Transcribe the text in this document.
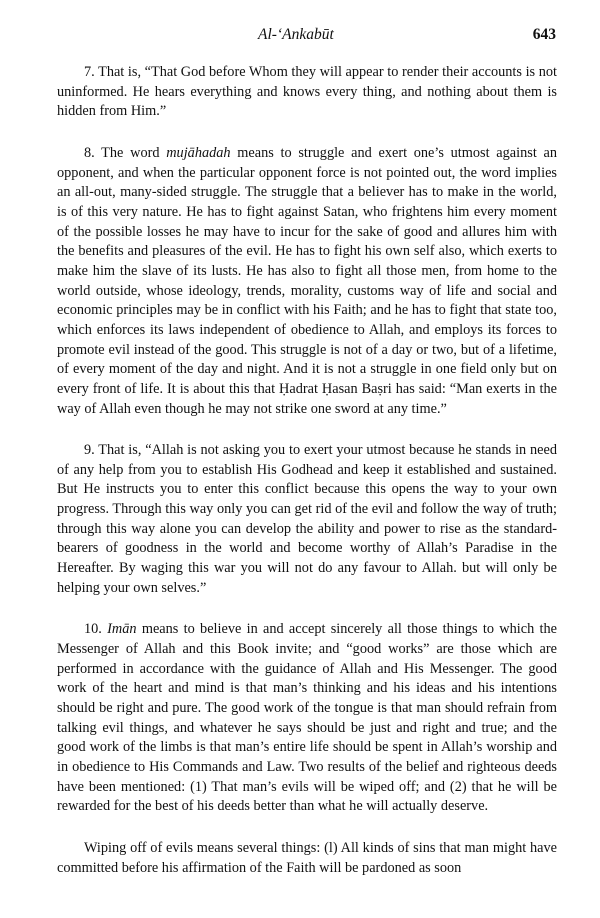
Al-‘Ankabūt	643

7. That is, “That God before Whom they will appear to render their accounts is not uninformed. He hears everything and knows every thing, and nothing about them is hidden from Him.”

8. The word mujāhadah means to struggle and exert one’s utmost against an opponent, and when the particular opponent force is not pointed out, the word implies an all-out, many-sided struggle. The struggle that a believer has to make in the world, is of this very nature. He has to fight against Satan, who frightens him every moment of the possible losses he may have to incur for the sake of good and allures him with the benefits and pleasures of the evil. He has to fight his own self also, which exerts to make him the slave of its lusts. He has also to fight all those men, from home to the world outside, whose ideology, trends, morality, customs way of life and social and economic principles may be in conflict with his Faith; and he has to fight that state too, which enforces its laws independent of obedience to Allah, and employs its forces to promote evil instead of the good. This struggle is not of a day or two, but of a lifetime, of every moment of the day and night. And it is not a struggle in one field only but on every front of life. It is about this that Ḥadrat Ḥasan Baṣri has said: “Man exerts in the way of Allah even though he may not strike one sword at any time.”

9. That is, “Allah is not asking you to exert your utmost because he stands in need of any help from you to establish His Godhead and keep it established and sustained. But He instructs you to enter this conflict because this opens the way to your own progress. Through this way only you can get rid of the evil and follow the way of truth; through this way alone you can develop the ability and power to rise as the standard-bearers of goodness in the world and become worthy of Allah’s Paradise in the Hereafter. By waging this war you will not do any favour to Allah. but will only be helping your own selves.”

10. Imān means to believe in and accept sincerely all those things to which the Messenger of Allah and this Book invite; and “good works” are those which are performed in accordance with the guidance of Allah and His Messenger. The good work of the heart and mind is that man’s thinking and his ideas and his intentions should be right and pure. The good work of the tongue is that man should refrain from talking evil things, and whatever he says should be just and right and true; and the good work of the limbs is that man’s entire life should be spent in Allah’s worship and in obedience to His Commands and Law. Two results of the belief and righteous deeds have been mentioned: (1) That man’s evils will be wiped off; and (2) that he will be rewarded for the best of his deeds better than what he will actually deserve.

Wiping off of evils means several things: (l) All kinds of sins that man might have committed before his affirmation of the Faith will be pardoned as soon
